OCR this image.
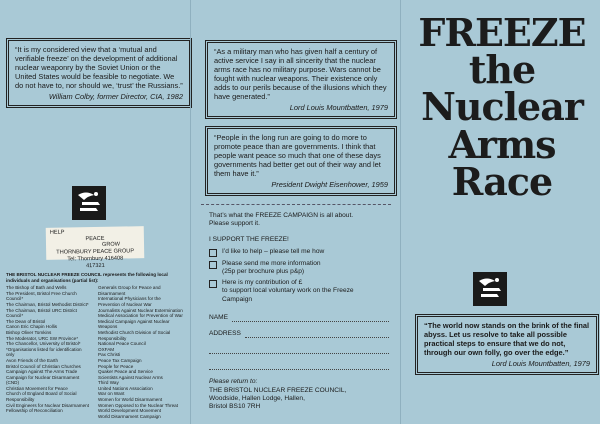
“It is my considered view that a ‘mutual and verifiable freeze’ on the development of additional nuclear weaponry by the Soviet Union or the United States would be feasible to negotiate. We do not have to, nor should we, ‘trust’ the Russians.”
William Colby, former Director, CIA, 1982
HELP
PEACE
GROW
THORNBURY PEACE GROUP
Tel: Thornbury 416408
417321
THE BRISTOL NUCLEAR FREEZE COUNCIL represents the following local individuals and organisations (partial list):
The Bishop of Bath and Wells
The President, Bristol Free Church
Council*
The Chairman, Bristol Methodist District*
The Chairman, Bristol URC District
Council*
The Dean of Bristol
Canon Eric Chapin Hollis
Bishop Oliver Tomkins
The Moderator, URC SW Province*
The Chancellor, University of Bristol*
*Organisations listed for identification
only
Avon Friends of the Earth
Bristol Council of Christian Churches
Campaign Against The Arms Trade
Campaign for Nuclear Disarmament
(CND)
Christian Movement for Peace
Church of England Board of Social
Responsibility
Civil Engineers for Nuclear Disarmament
Fellowship of Reconciliation
Generals Group for Peace and
Disarmament
International Physicians for the
Prevention of Nuclear War
Journalists Against Nuclear Extermination
Medical Association for Prevention of War
Medical Campaign Against Nuclear
Weapons
Methodist Church Division of Social
Responsibility
National Peace Council
OXFAM
Pax Christi
Peace Tax Campaign
People for Peace
Quaker Peace and Service
Scientists Against Nuclear Arms
Third Way
United Nations Association
War on Want
Women for World Disarmament
Women Opposed to the Nuclear Threat
World Development Movement
World Disarmament Campaign
“As a military man who has given half a century of active service I say in all sincerity that the nuclear arms race has no military purpose. Wars cannot be fought with nuclear weapons. Their existence only adds to our perils because of the illusions which they have generated.”
Lord Louis Mountbatten, 1979
“People in the long run are going to do more to promote peace than are governments. I think that people want peace so much that one of these days governments had better get out of their way and let them have it.”
President Dwight Eisenhower, 1959
That’s what the FREEZE CAMPAIGN is all about.
Please support it.
I SUPPORT THE FREEZE!
I’d like to help – please tell me how
Please send me more information
(25p per brochure plus p&p)
Here is my contribution of £
to support local voluntary work on the Freeze
Campaign
NAME
ADDRESS
Please return to:
THE BRISTOL NUCLEAR FREEZE COUNCIL,
Woodside, Hallen Lodge, Hallen,
Bristol BS10 7RH
FREEZE
the
Nuclear
Arms
Race
“The world now stands on the brink of the final abyss. Let us resolve to take all possible practical steps to ensure that we do not, through our own folly, go over the edge.”
Lord Louis Mountbatten, 1979
